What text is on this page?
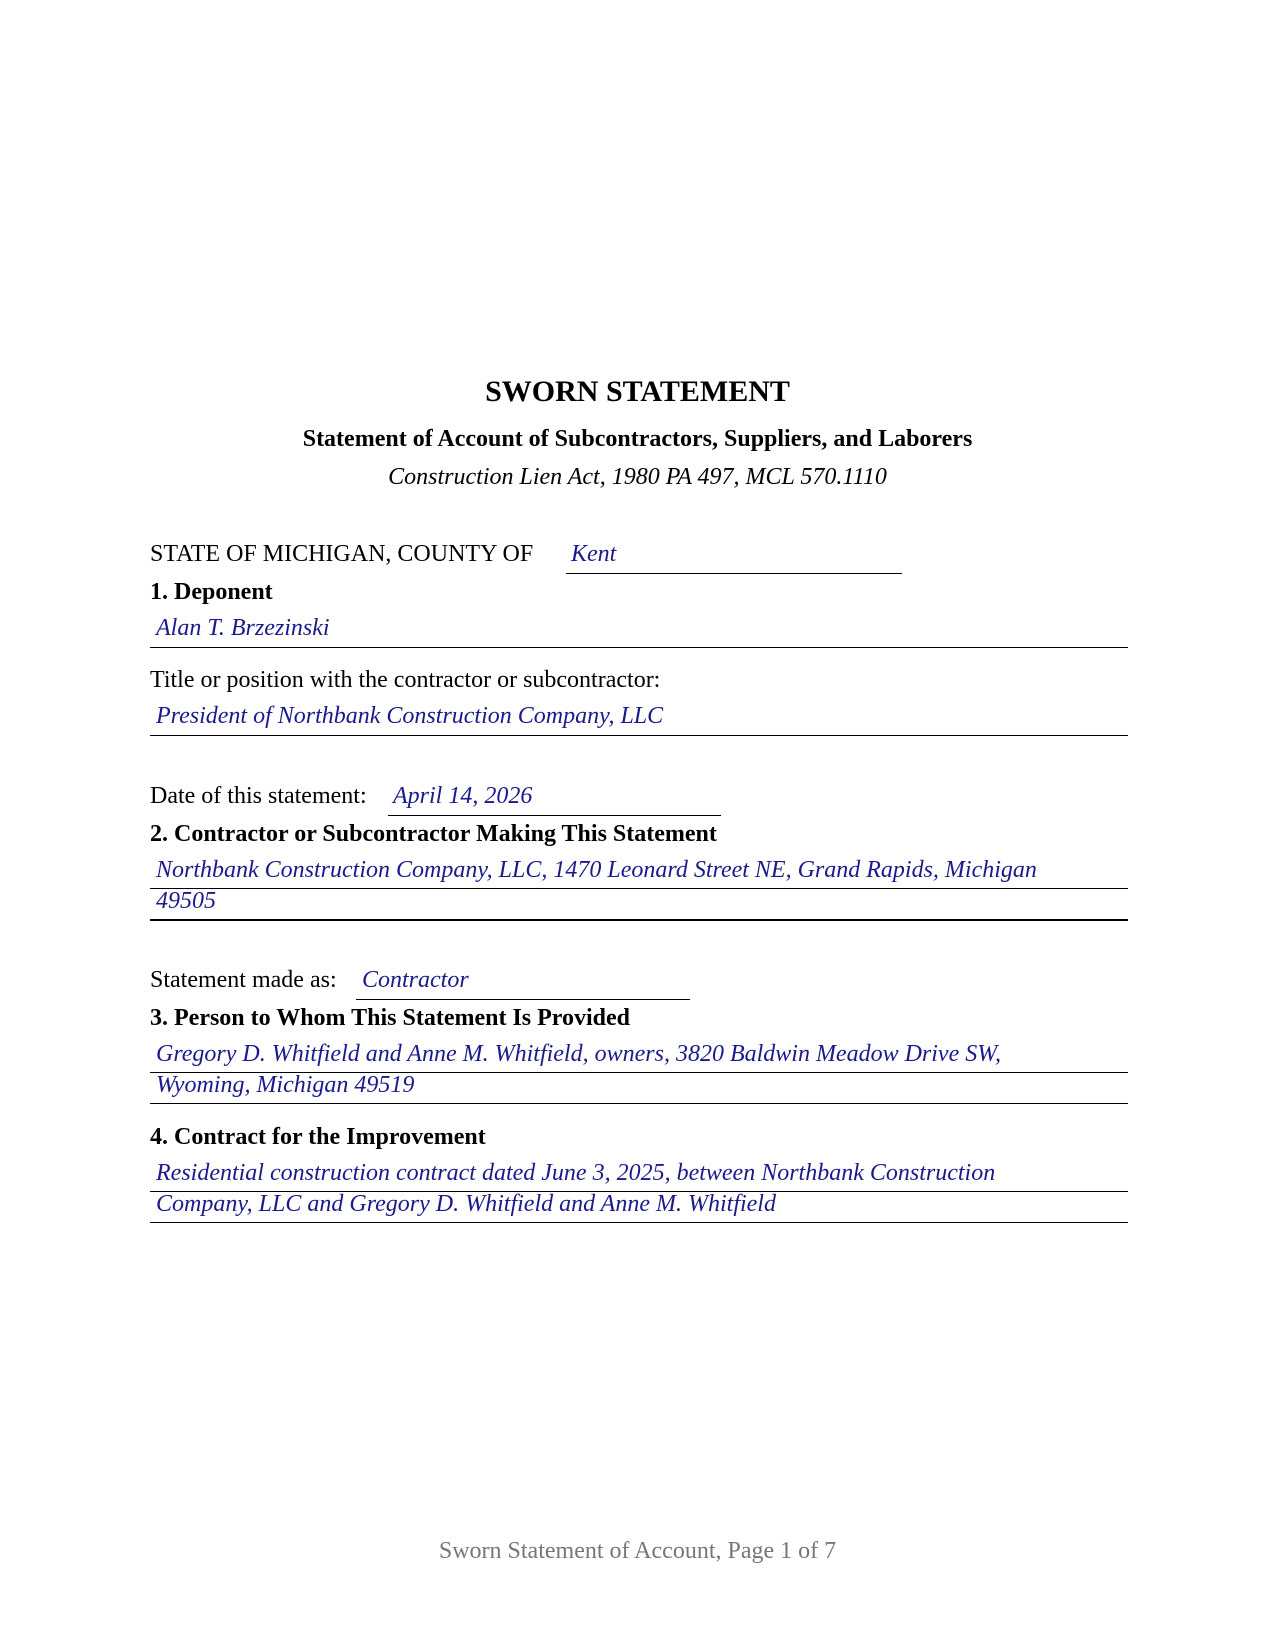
SWORN STATEMENT
Statement of Account of Subcontractors, Suppliers, and Laborers
Construction Lien Act, 1980 PA 497, MCL 570.1110
STATE OF MICHIGAN, COUNTY OF Kent
1. Deponent
Alan T. Brzezinski
Title or position with the contractor or subcontractor:
President of Northbank Construction Company, LLC
Date of this statement: April 14, 2026
2. Contractor or Subcontractor Making This Statement
Northbank Construction Company, LLC, 1470 Leonard Street NE, Grand Rapids, Michigan
49505
Statement made as: Contractor
3. Person to Whom This Statement Is Provided
Gregory D. Whitfield and Anne M. Whitfield, owners, 3820 Baldwin Meadow Drive SW,
Wyoming, Michigan 49519
4. Contract for the Improvement
Residential construction contract dated June 3, 2025, between Northbank Construction
Company, LLC and Gregory D. Whitfield and Anne M. Whitfield
Sworn Statement of Account, Page 1 of 7
